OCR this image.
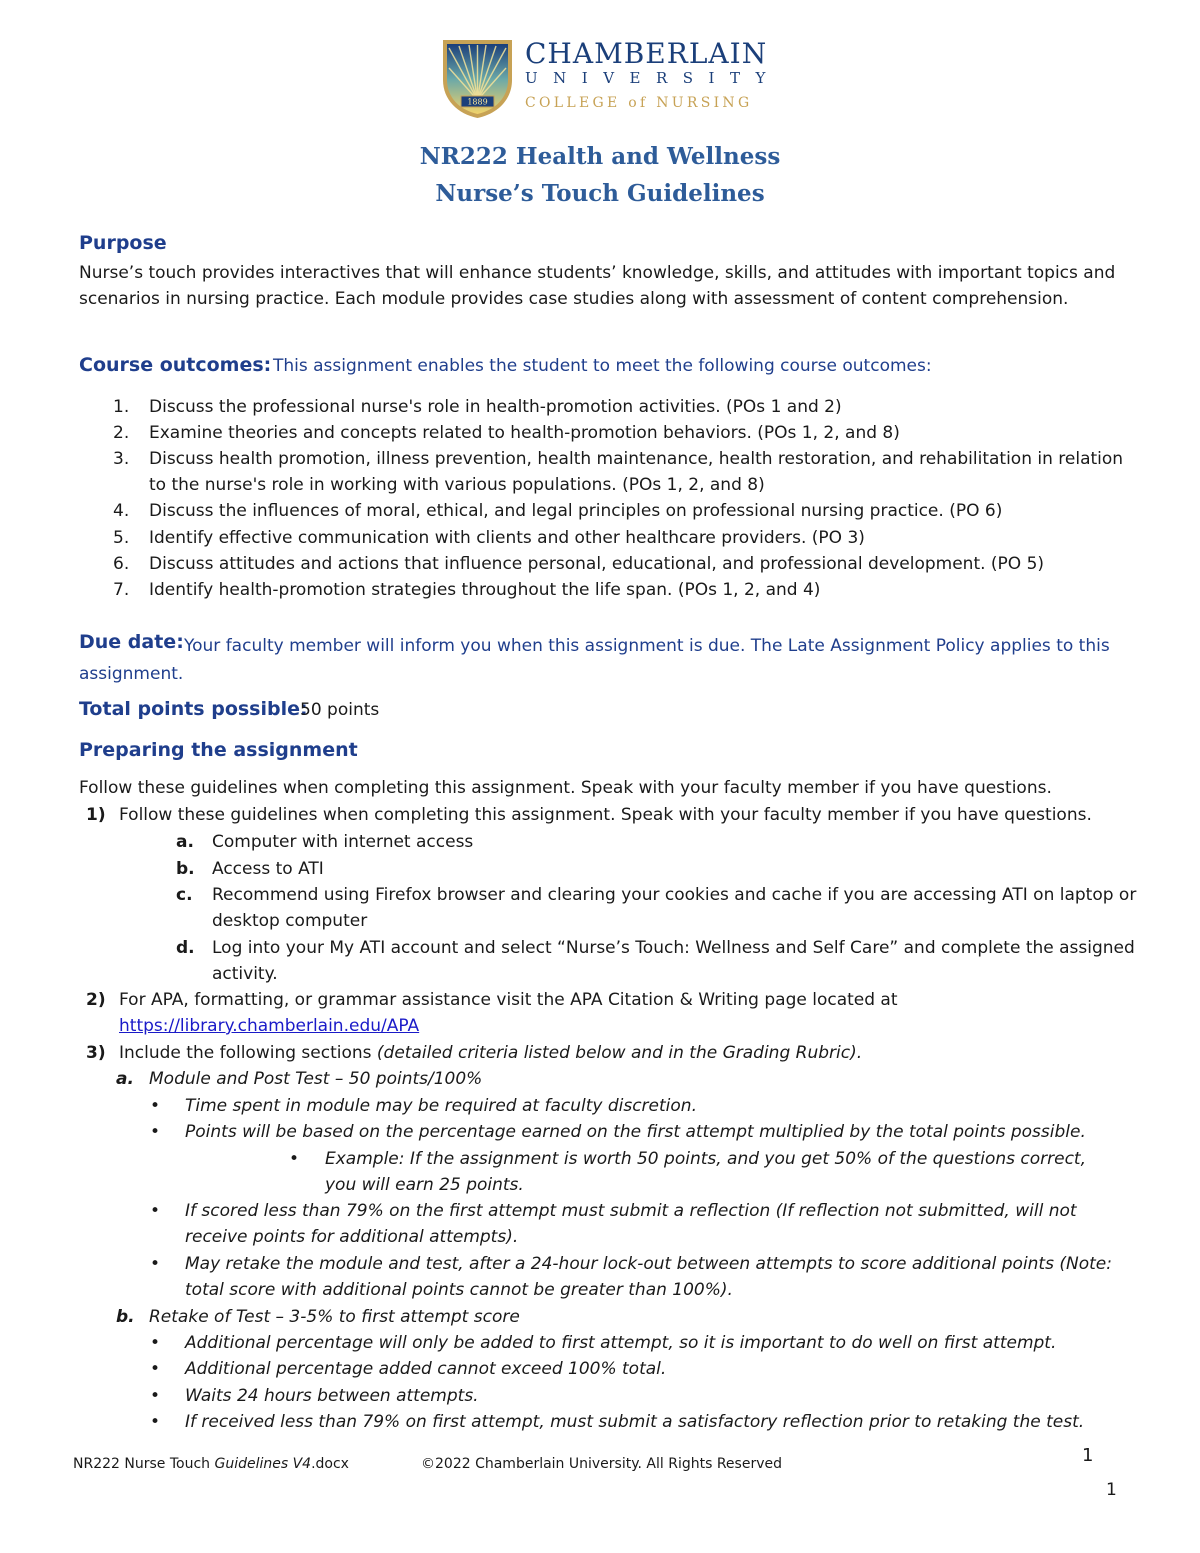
1889
CHAMBERLAIN
UNIVERSITY
COLLEGE of NURSING
NR222 Health and Wellness
Nurse’s Touch Guidelines
Purpose
Nurse’s touch provides interactives that will enhance students’ knowledge, skills, and attitudes with important topics and scenarios in nursing practice. Each module provides case studies along with assessment of content comprehension.
Course outcomes: This assignment enables the student to meet the following course outcomes:
1. Discuss the professional nurse's role in health-promotion activities. (POs 1 and 2)
2. Examine theories and concepts related to health-promotion behaviors. (POs 1, 2, and 8)
3. Discuss health promotion, illness prevention, health maintenance, health restoration, and rehabilitation in relation to the nurse's role in working with various populations. (POs 1, 2, and 8)
4. Discuss the influences of moral, ethical, and legal principles on professional nursing practice. (PO 6)
5. Identify effective communication with clients and other healthcare providers. (PO 3)
6. Discuss attitudes and actions that influence personal, educational, and professional development. (PO 5)
7. Identify health-promotion strategies throughout the life span. (POs 1, 2, and 4)
Your faculty member will inform you when this assignment is due. The Late Assignment Policy applies to this assignment.
Due date:
Total points possible:
50 points
Preparing the assignment
Follow these guidelines when completing this assignment. Speak with your faculty member if you have questions.
1) Follow these guidelines when completing this assignment. Speak with your faculty member if you have questions.
a. Computer with internet access
b. Access to ATI
c. Recommend using Firefox browser and clearing your cookies and cache if you are accessing ATI on laptop or desktop computer
d. Log into your My ATI account and select “Nurse’s Touch: Wellness and Self Care” and complete the assigned activity.
2) For APA, formatting, or grammar assistance visit the APA Citation & Writing page located at
https://library.chamberlain.edu/APA
3) Include the following sections (detailed criteria listed below and in the Grading Rubric).
a. Module and Post Test – 50 points/100%
• Time spent in module may be required at faculty discretion.
• Points will be based on the percentage earned on the first attempt multiplied by the total points possible.
• Example: If the assignment is worth 50 points, and you get 50% of the questions correct, you will earn 25 points.
• If scored less than 79% on the first attempt must submit a reflection (If reflection not submitted, will not receive points for additional attempts).
• May retake the module and test, after a 24-hour lock-out between attempts to score additional points (Note: total score with additional points cannot be greater than 100%).
b. Retake of Test – 3-5% to first attempt score
• Additional percentage will only be added to first attempt, so it is important to do well on first attempt.
• Additional percentage added cannot exceed 100% total.
• Waits 24 hours between attempts.
• If received less than 79% on first attempt, must submit a satisfactory reflection prior to retaking the test.
NR222 Nurse Touch Guidelines V4.docx	©2022 Chamberlain University. All Rights Reserved	1
1
